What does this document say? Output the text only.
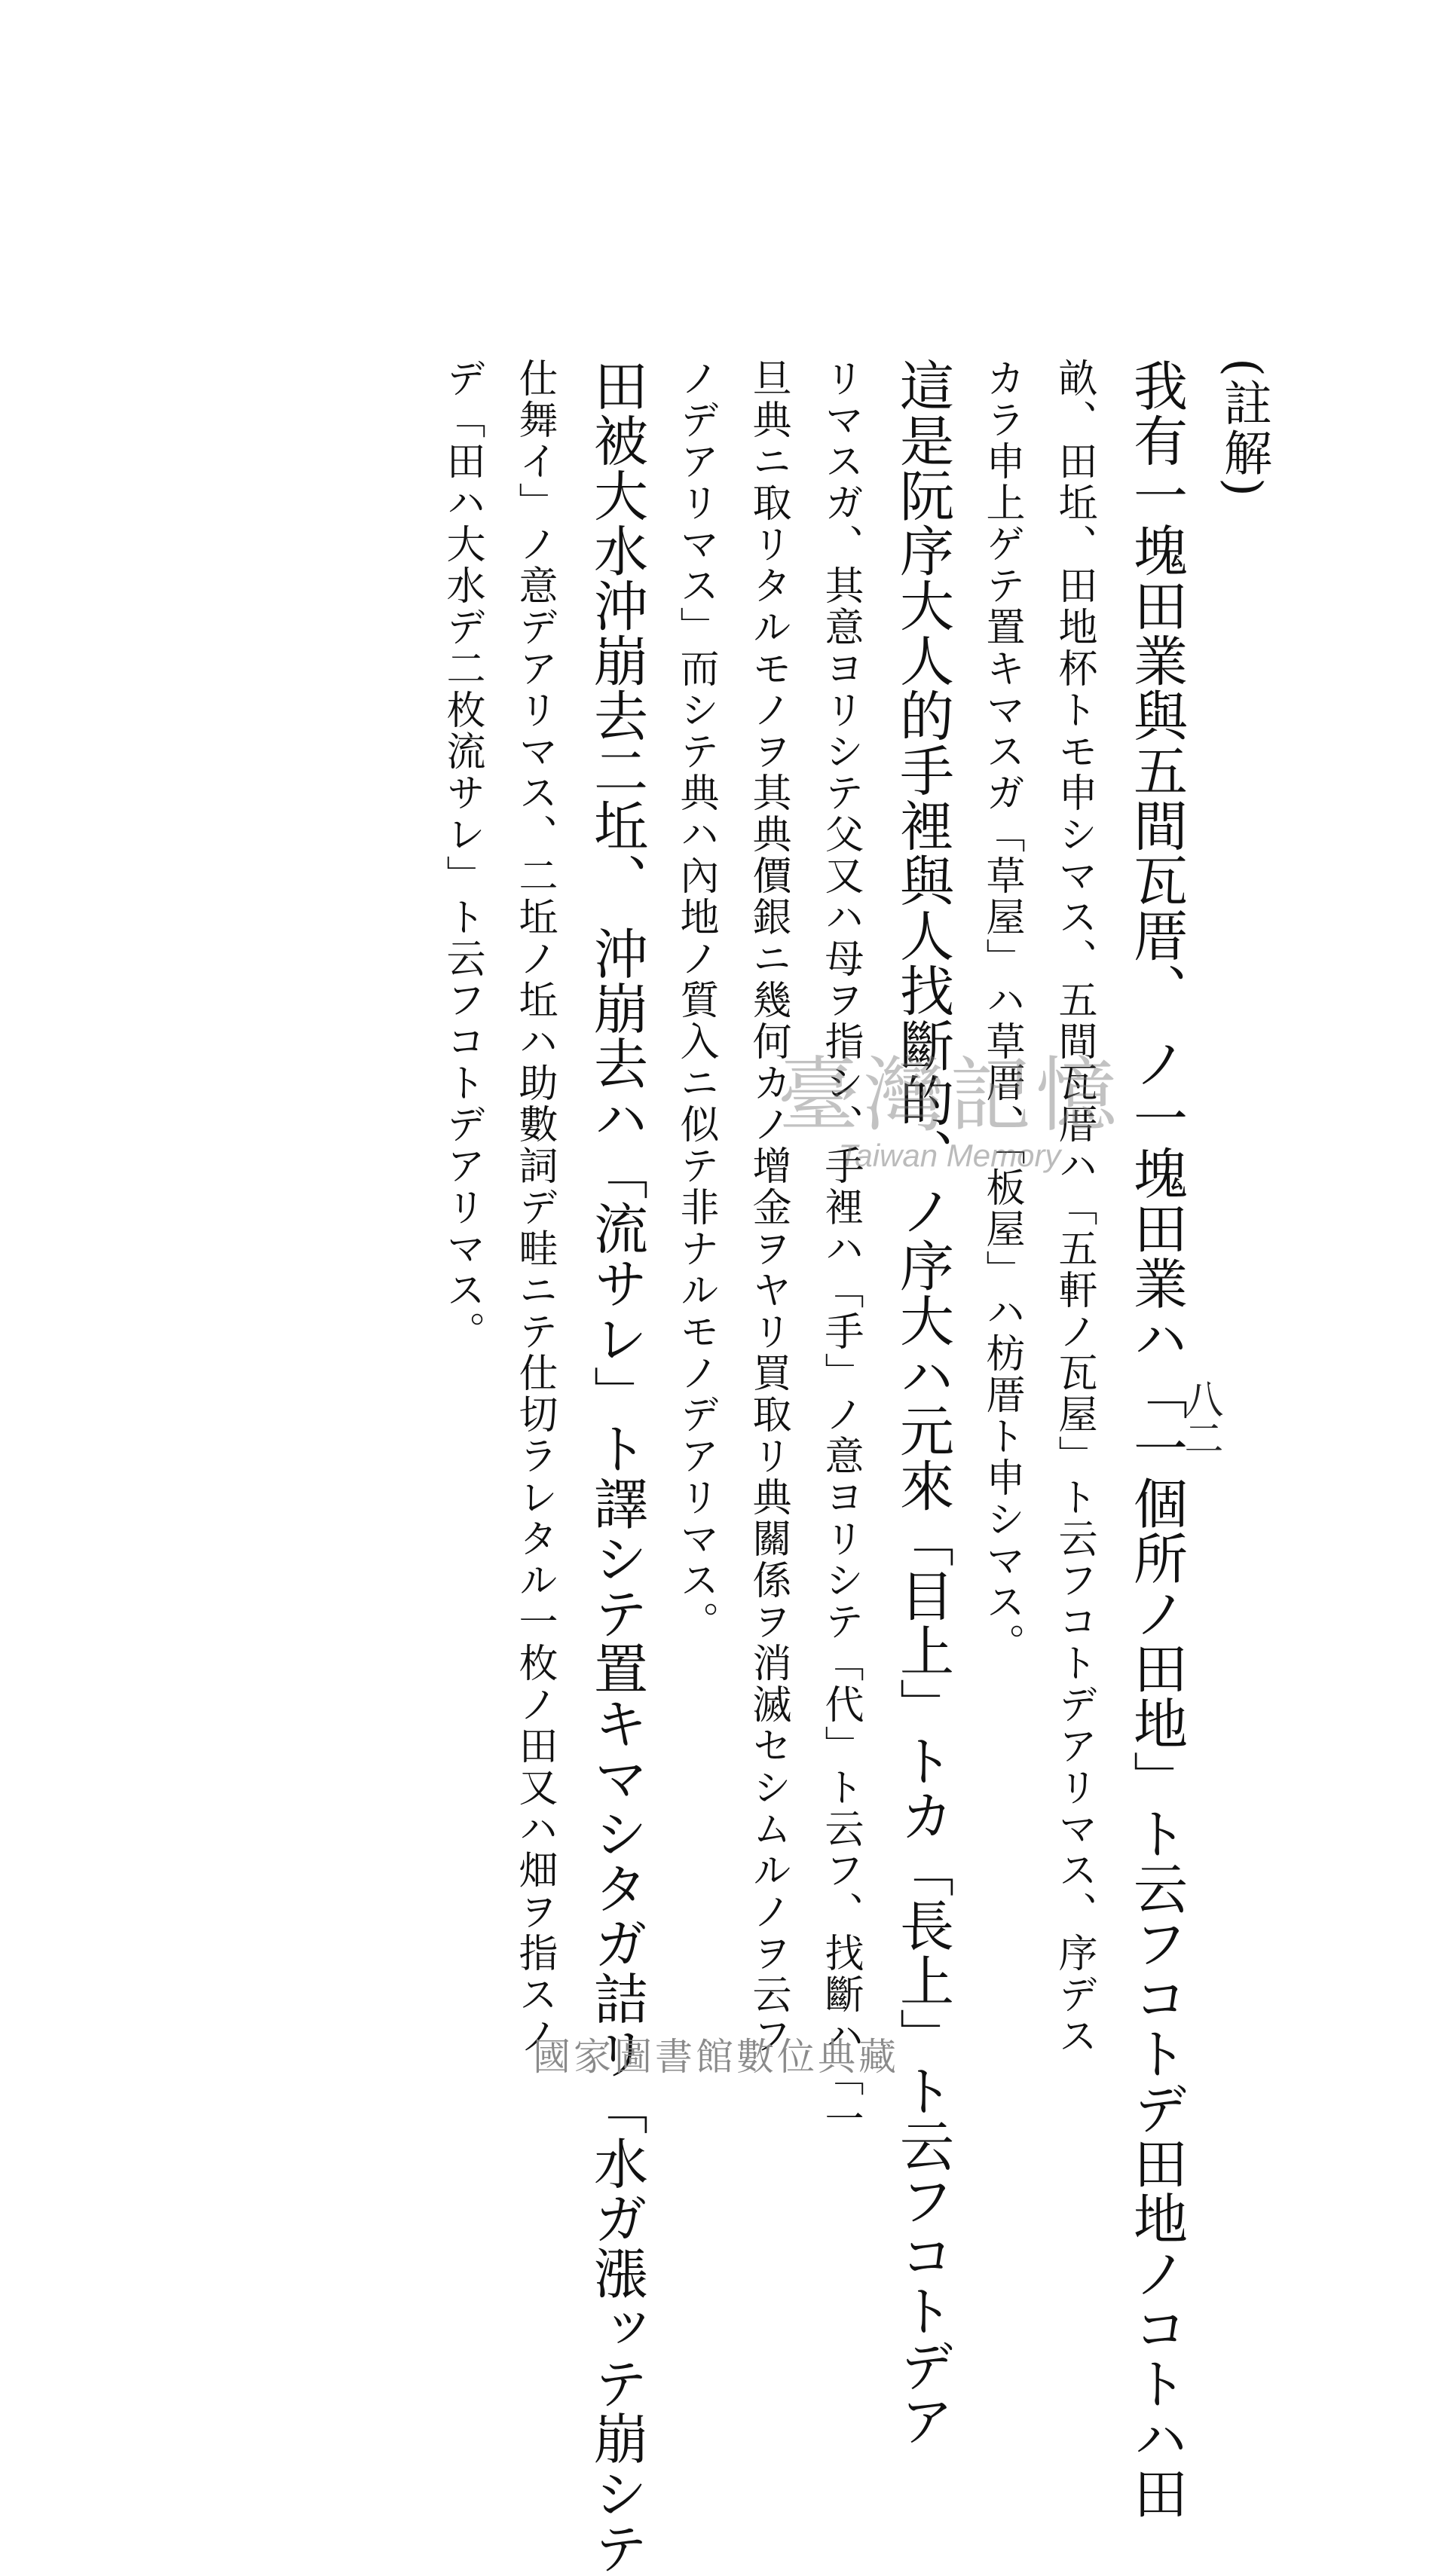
(註解)
我有一塊田業與五間瓦厝、 ノ一塊田業ハ「一個所ノ田地」ト云フコトデ田地ノコトハ田
畝、田坵、田地杯トモ申シマス、五間瓦厝ハ「五軒ノ瓦屋」ト云フコトデアリマス、序デス
カラ申上ゲテ置キマスガ「草屋」ハ草厝、「板屋」ハ枋厝ト申シマス。
這是阮序大人的手裡與人找斷的、ノ序大ハ元來「目上」トカ「長上」ト云フコトデア
リマスガ、其意ヨリシテ父又ハ母ヲ指シ、手裡ハ「手」ノ意ヨリシテ「代」ト云フ、找斷ハ「一
旦典ニ取リタルモノヲ其典價銀ニ幾何カノ增金ヲヤリ買取リ典關係ヲ消滅セシムルノヲ云フ
ノデアリマス」而シテ典ハ內地ノ質入ニ似テ非ナルモノデアリマス。
田被大水沖崩去二坵、 沖崩去ハ「流サレ」ト譯シテ置キマシタガ詰リ「水ガ漲ッテ崩シテ
仕舞イ」ノ意デアリマス、二坵ノ坵ハ助數詞デ畦ニテ仕切ラレタル一枚ノ田又ハ畑ヲ指スノ
デ「田ハ大水デ二枚流サレ」ト云フコトデアリマス。
八二
臺灣記憶
Taiwan Memory
國家圖書館數位典藏
